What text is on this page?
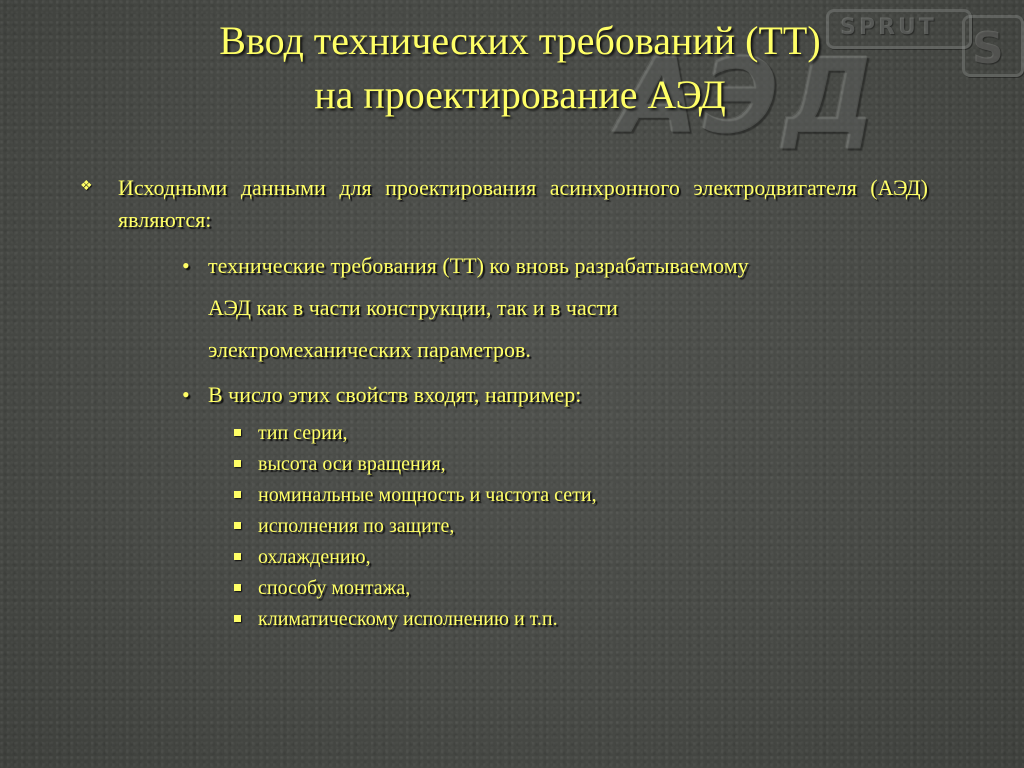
SPRUT S
АЭД
Ввод технических требований (ТТ)
на проектирование АЭД
❖ Исходными данными для проектирования асинхронного электродвигателя (АЭД) являются:
• технические требования (ТТ) ко вновь разрабатываемому
АЭД как в части конструкции, так и в части
электромеханических параметров.
• В число этих свойств входят, например:
тип серии,
высота оси вращения,
номинальные мощность и частота сети,
исполнения по защите,
охлаждению,
способу монтажа,
климатическому исполнению и т.п.
